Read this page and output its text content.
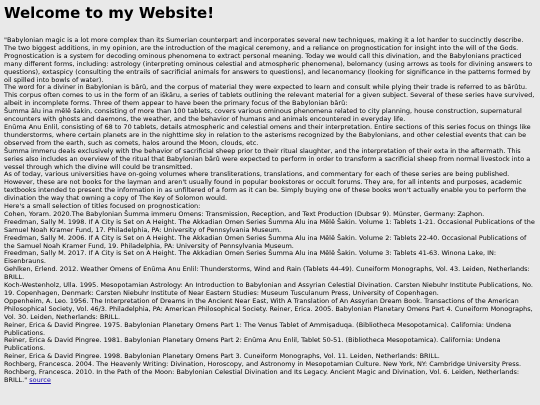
Welcome to my Website!

"Babylonian magic is a lot more complex than its Sumerian counterpart and incorporates several new techniques, making it a lot harder to succinctly describe. The two biggest additions, in my opinion, are the introduction of the magical ceremony, and a reliance on prognostication for insight into the will of the Gods.

Prognostication is a system for decoding ominous phenomena to extract personal meaning. Today we would call this divination, and the Babylonians practiced many different forms, including: astrology (interpreting ominous celestial and atmospheric phenomena), belomancy (using arrows as tools for divining answers to questions), extaspicy (consulting the entrails of sacrificial animals for answers to questions), and lecanomancy (looking for significance in the patterns formed by oil spilled into bowls of water).

The word for a diviner in Babylonian is bārû, and the corpus of material they were expected to learn and consult while plying their trade is referred to as bārûtu. This corpus often comes to us in the form of an iškāru, a series of tablets outlining the relevant material for a given subject. Several of these series have survived, albeit in incomplete forms. Three of them appear to have been the primary focus of the Babylonian bārû:

Šumma ālu ina mēlê šakin, consisting of more than 100 tablets, covers various ominous phenomena related to city planning, house construction, supernatural encounters with ghosts and daemons, the weather, and the behavior of humans and animals encountered in everyday life.

Enūma Anu Enlil, consisting of 68 to 70 tablets, details atmospheric and celestial omens and their interpretation. Entire sections of this series focus on things like thunderstorms, where certain planets are in the nighttime sky in relation to the asterisms recognized by the Babylonians, and other celestial events that can be observed from the earth, such as comets, halos around the Moon, clouds, etc.

Šumma immeru deals exclusively with the behavior of sacrificial sheep prior to their ritual slaughter, and the interpretation of their exta in the aftermath. This series also includes an overview of the ritual that Babylonian bārû were expected to perform in order to transform a sacrificial sheep from normal livestock into a vessel through which the divine will could be transmitted.

As of today, various universities have on-going volumes where transliterations, translations, and commentary for each of these series are being published. However, these are not books for the layman and aren't usually found in popular bookstores or occult forums. They are, for all intents and purposes, academic textbooks intended to present the information in as unfiltered of a form as it can be. Simply buying one of these books won't actually enable you to perform the divination the way that owning a copy of The Key of Solomon would.

Here's a small selection of titles focused on prognostication:

Cohen, Yoram. 2020.The Babylonian Šumma immeru Omens: Transmission, Reception, and Text Production (Dubsar 9). Münster, Germany: Zaphon.

Freedman, Sally M. 1998. If A City is Set on A Height. The Akkadian Omen Series Šumma Alu ina Mēlê Šakin. Volume 1: Tablets 1-21. Occasional Publications of the Samuel Noah Kramer Fund, 17. Philadelphia, PA: University of Pennsylvania Museum.

Freedman, Sally M. 2006. If A City is Set on A Height. The Akkadian Omen Series Šumma Alu ina Mēlê Šakin. Volume 2: Tablets 22-40. Occasional Publications of the Samuel Noah Kramer Fund, 19. Philadelphia, PA: University of Pennsylvania Museum.

Freedman, Sally M. 2017. If A City is Set on A Height. The Akkadian Omen Series Šumma Alu ina Mēlê Šakin. Volume 3: Tablets 41-63. Winona Lake, IN: Eisenbrauns.

Gehlken, Erlend. 2012. Weather Omens of Enūma Anu Enlil: Thunderstorms, Wind and Rain (Tablets 44-49). Cuneiform Monographs, Vol. 43. Leiden, Netherlands: BRILL.

Koch-Westenholz, Ulla. 1995. Mesopotamian Astrology: An Introduction to Babylonian and Assyrian Celestial Divination. Carsten Niebuhr Institute Publications, No. 19. Copenhagen, Denmark: Carsten Niebuhr Institute of Near Eastern Studies: Museum Tusculanum Press, University of Copenhagen.

Oppenheim, A. Leo. 1956. The Interpretation of Dreams in the Ancient Near East, With A Translation of An Assyrian Dream Book. Transactions of the American Philosophical Society, Vol. 46/3. Philadelphia, PA: American Philosophical Society. Reiner, Erica. 2005. Babylonian Planetary Omens Part 4. Cuneiform Monographs, Vol. 30. Leiden, Netherlands: BRILL.

Reiner, Erica & David Pingree. 1975. Babylonian Planetary Omens Part 1: The Venus Tablet of Ammiṣaduqa. (Bibliotheca Mesopotamica). California: Undena Publications.

Reiner, Erica & David Pingree. 1981. Babylonian Planetary Omens Part 2: Enūma Anu Enlil, Tablet 50-51. (Bibliotheca Mesopotamica). California: Undena Publications.

Reiner, Erica & David Pingree. 1998. Babylonian Planetary Omens Part 3. Cuneiform Monographs, Vol. 11. Leiden, Netherlands: BRILL.

Rochberg, Francesca. 2004. The Heavenly Writing: Divination, Horoscopy, and Astronomy in Mesopotamian Culture. New York, NY: Cambridge University Press.

Rochberg, Francesca. 2010. In the Path of the Moon: Babylonian Celestial Divination and Its Legacy. Ancient Magic and Divination, Vol. 6. Leiden, Netherlands: BRILL." source
